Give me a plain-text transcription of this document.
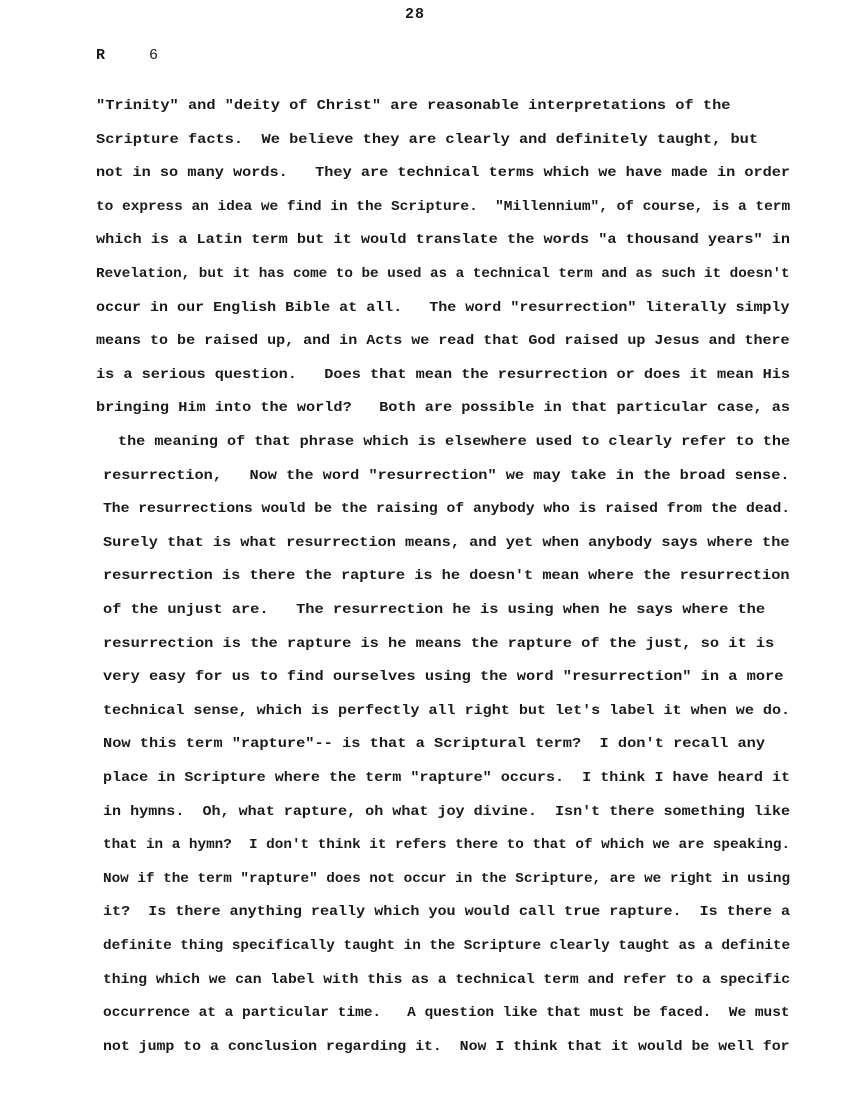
28
R	6
"Trinity" and "deity of Christ" are reasonable interpretations of the
Scripture facts.  We believe they are clearly and definitely taught, but
not in so many words.   They are technical terms which we have made in order
to express an idea we find in the Scripture.  "Millennium", of course, is a term
which is a Latin term but it would translate the words "a thousand years" in
Revelation, but it has come to be used as a technical term and as such it doesn't
occur in our English Bible at all.   The word "resurrection" literally simply
means to be raised up, and in Acts we read that God raised up Jesus and there
is a serious question.   Does that mean the resurrection or does it mean His
bringing Him into the world?   Both are possible in that particular case, as
the meaning of that phrase which is elsewhere used to clearly refer to the
resurrection,   Now the word "resurrection" we may take in the broad sense.
The resurrections would be the raising of anybody who is raised from the dead.
Surely that is what resurrection means, and yet when anybody says where the
resurrection is there the rapture is he doesn't mean where the resurrection
of the unjust are.   The resurrection he is using when he says where the
resurrection is the rapture is he means the rapture of the just, so it is
very easy for us to find ourselves using the word "resurrection" in a more
technical sense, which is perfectly all right but let's label it when we do.
Now this term "rapture"-- is that a Scriptural term?  I don't recall any
place in Scripture where the term "rapture" occurs.  I think I have heard it
in hymns.  Oh, what rapture, oh what joy divine.  Isn't there something like
that in a hymn?  I don't think it refers there to that of which we are speaking.
Now if the term "rapture" does not occur in the Scripture, are we right in using
it?  Is there anything really which you would call true rapture.  Is there a
definite thing specifically taught in the Scripture clearly taught as a definite
thing which we can label with this as a technical term and refer to a specific
occurrence at a particular time.   A question like that must be faced.  We must
not jump to a conclusion regarding it.  Now I think that it would be well for
